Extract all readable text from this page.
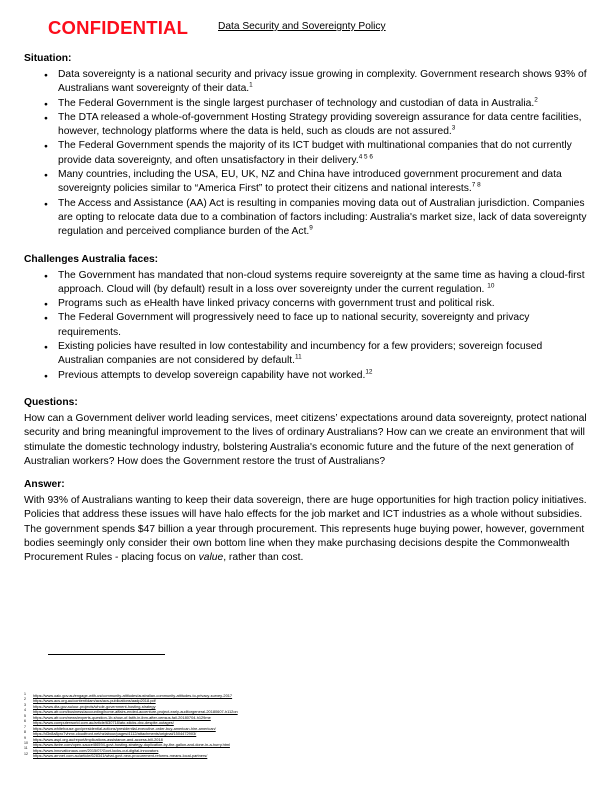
CONFIDENTIAL	Data Security and Sovereignty Policy
Situation:
● Data sovereignty is a national security and privacy issue growing in complexity. Government research shows 93% of Australians want sovereignty of their data.$^1$
● The Federal Government is the single largest purchaser of technology and custodian of data in Australia.$^2$
● The DTA released a whole-of-government Hosting Strategy providing sovereign assurance for data centre facilities, however, technology platforms where the data is held, such as clouds are not assured.$^3$
● The Federal Government spends the majority of its ICT budget with multinational companies that do not currently provide data sovereignty, and often unsatisfactory in their delivery.$^{4 5 6}$
● Many countries, including the USA, EU, UK, NZ and China have introduced government procurement and data sovereignty policies similar to “America First” to protect their citizens and national interests.$^{7 8}$
● The Access and Assistance (AA) Act is resulting in companies moving data out of Australian jurisdiction. Companies are opting to relocate data due to a combination of factors including: Australia's market size, lack of data sovereignty regulation and perceived compliance burden of the Act.$^9$
Challenges Australia faces:
● The Government has mandated that non-cloud systems require sovereignty at the same time as having a cloud-first approach. Cloud will (by default) result in a loss over sovereignty under the current regulation. $^{10}$
● Programs such as eHealth have linked privacy concerns with government trust and political risk.
● The Federal Government will progressively need to face up to national security, sovereignty and privacy requirements.
● Existing policies have resulted in low contestability and incumbency for a few providers; sovereign focused Australian companies are not considered by default.$^{11}$
● Previous attempts to develop sovereign capability have not worked.$^{12}$
Questions:

How can a Government deliver world leading services, meet citizens’ expectations around data sovereignty, protect national security and bring meaningful improvement to the lives of ordinary Australians? How can we create an environment that will stimulate the domestic technology industry, bolstering Australia's economic future and the future of the next generation of Australian workers? How does the Government restore the trust of Australians?

Answer:

With 93% of Australians wanting to keep their data sovereign, there are huge opportunities for high traction policy initiatives. Policies that address these issues will have halo effects for the job market and ICT industries as a whole without subsidies.

The government spends $47 billion a year through procurement. This represents huge buying power, however, government bodies seemingly only consider their own bottom line when they make purchasing decisions despite the Commonwealth Procurement Rules - placing focus on value, rather than cost.

1 https://www.oaic.gov.au/engage-with-us/community-attitudes/australian-community-attitudes-to-privacy-survey-2017
2 https://www.acs.org.au/content/dam/acs/acs-publications/aadp2018.pdf
3 https://www.dta.gov.au/our-projects/whole-government-hosting-strategy
4 https://www.afr.com/business/accounting/home-affairs-ended-accenture-project-early-auditorgeneral-20180607-h112on
5 https://www.afr.com/news/experts-question-1b-show-of-faith-in-ibm-after-census-fail-20180704-h129me
6 https://www.computerworld.com.au/article/630718/ato-sticks-dxc-despite-outages/
7 https://www.whitehouse.gov/presidential-actions/presidential-executive-order-buy-american-hire-american/
8 https://d3n8a8pro7vhmx.cloudfront.net/nzlabour/pages/4112/attachments/original/1504472903/
9 https://www.aspi.org.au/report/implications-assistance-and-access-bill-2018
10 https://www.itwire.com/open-sauce/86594-govt-hosting-strategy-duplication-by-the-gallon-and-done-in-a-hurry.html
11 https://www.innovationaus.com/2015/07/Govt-locks-out-digital-innovators
12 https://www.arnnet.com.au/article/628341/what-govt-new-procurement-reforms-means-local-partners/
